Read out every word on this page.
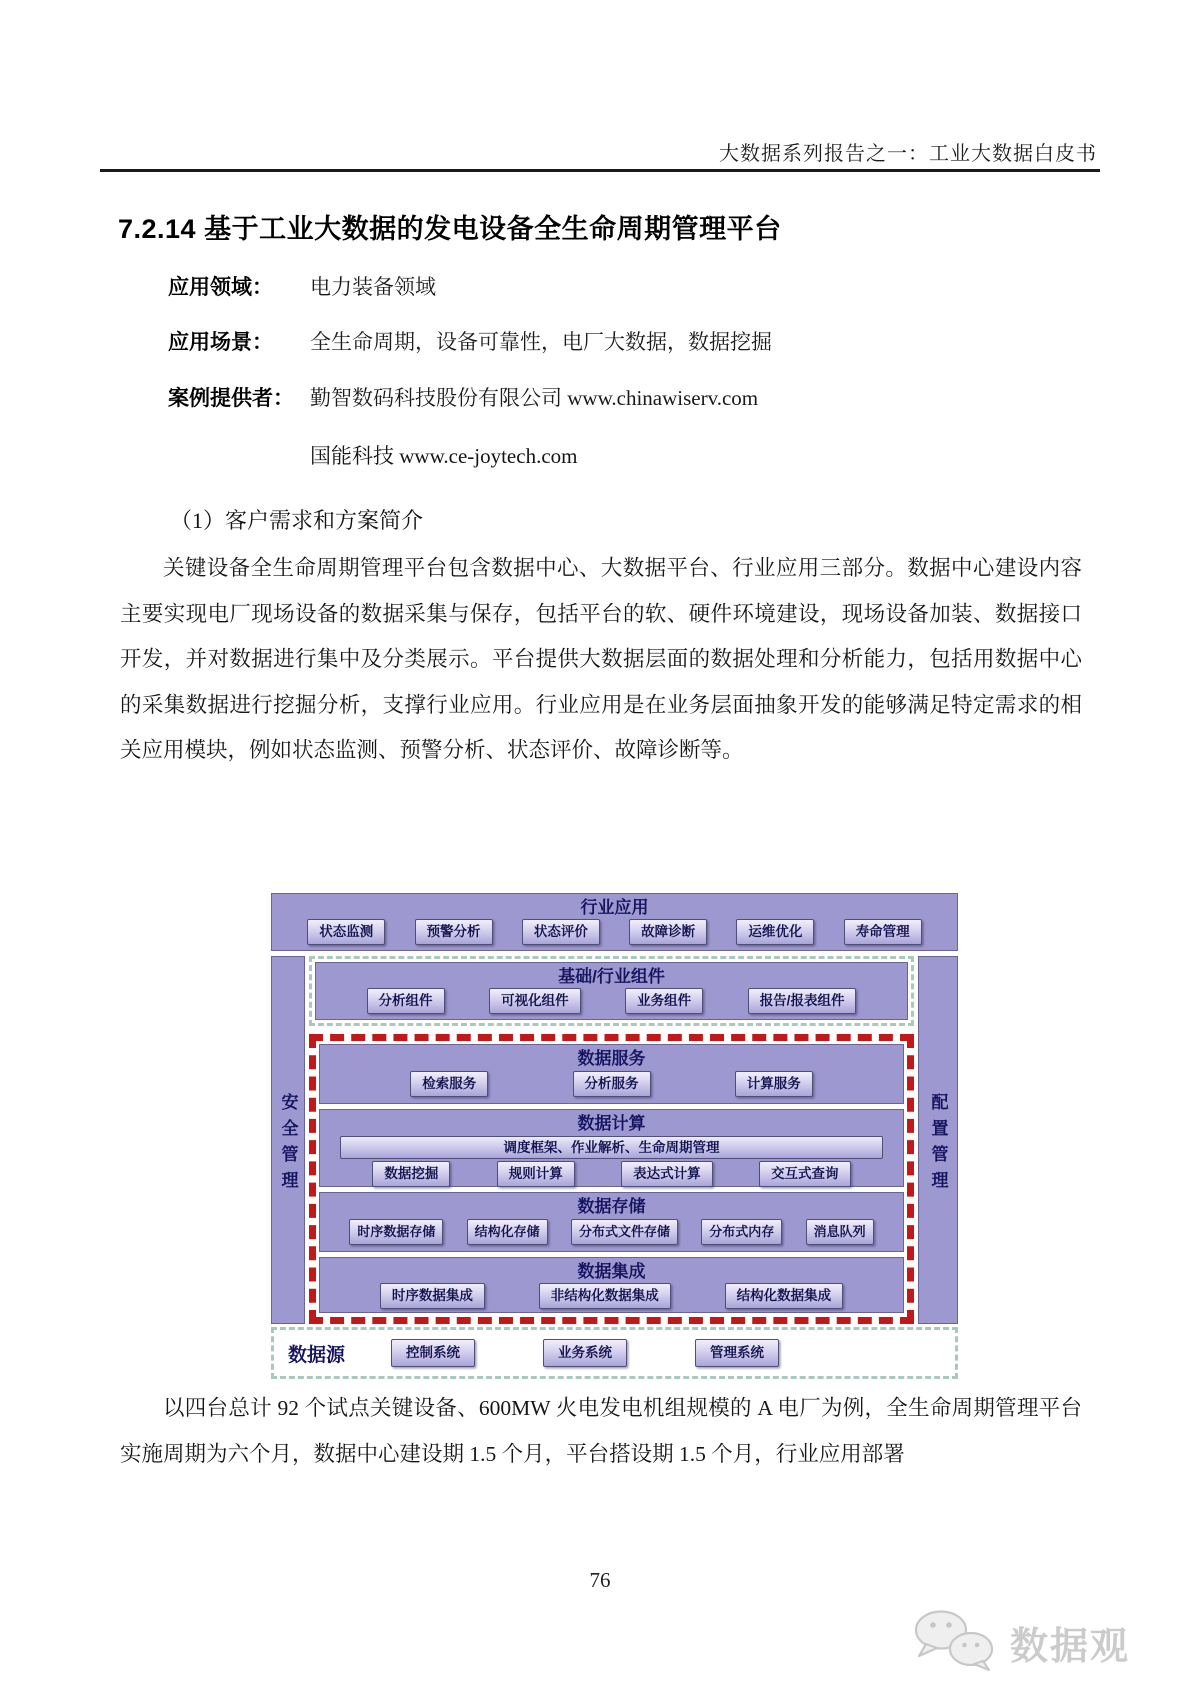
大数据系列报告之一：工业大数据白皮书
7.2.14 基于工业大数据的发电设备全生命周期管理平台
应用领域：	电力装备领域
应用场景：	全生命周期，设备可靠性，电厂大数据，数据挖掘
案例提供者： 勤智数码科技股份有限公司 www.chinawiserv.com
国能科技 www.ce-joytech.com
（1）客户需求和方案简介

关键设备全生命周期管理平台包含数据中心、大数据平台、行业应用三部分。数据中心建设内容主要实现电厂现场设备的数据采集与保存，包括平台的软、硬件环境建设，现场设备加装、数据接口开发，并对数据进行集中及分类展示。平台提供大数据层面的数据处理和分析能力，包括用数据中心的采集数据进行挖掘分析，支撑行业应用。行业应用是在业务层面抽象开发的能够满足特定需求的相关应用模块，例如状态监测、预警分析、状态评价、故障诊断等。

行业应用
状态监测	预警分析	状态评价	故障诊断	运维优化	寿命管理
安全管理
基础/行业组件
分析组件	可视化组件	业务组件	报告/报表组件
数据服务
检索服务	分析服务	计算服务
数据计算
调度框架、作业解析、生命周期管理
数据挖掘	规则计算	表达式计算	交互式查询
数据存储
时序数据存储	结构化存储	分布式文件存储	分布式内存	消息队列
数据集成
时序数据集成	非结构化数据集成	结构化数据集成
配置管理
数据源	控制系统	业务系统	管理系统

以四台总计 92 个试点关键设备、600MW 火电发电机组规模的 A 电厂为例，全生命周期管理平台实施周期为六个月，数据中心建设期 1.5 个月，平台搭设期 1.5 个月，行业应用部署

76
数据观
